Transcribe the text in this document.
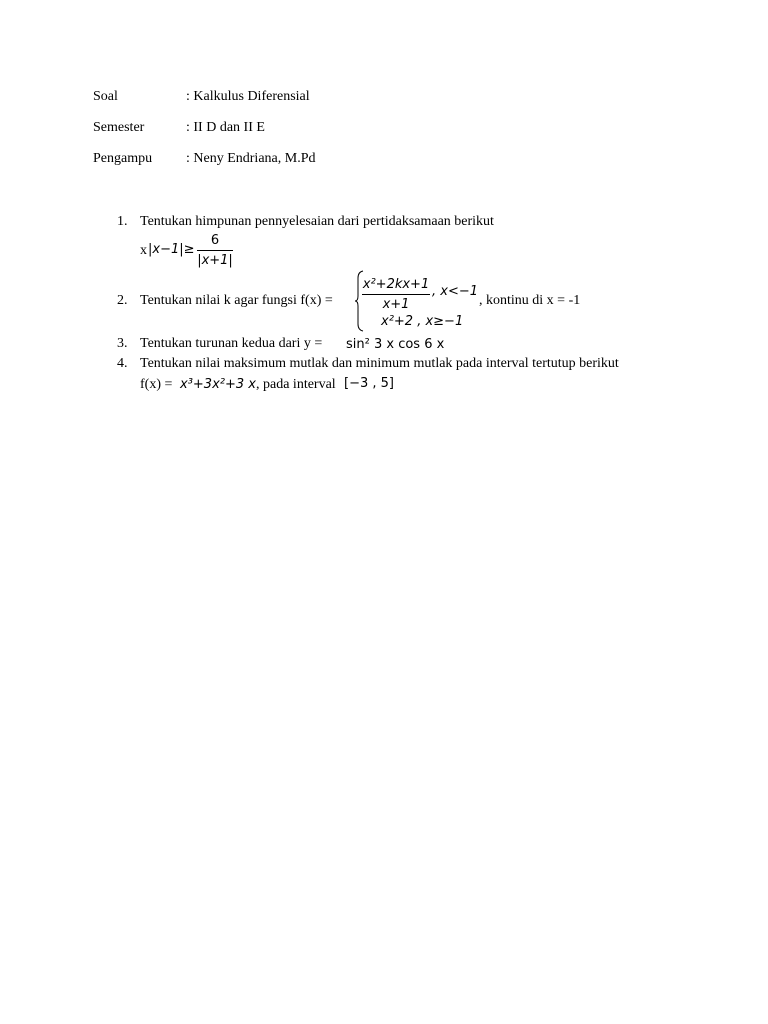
Soal	: Kalkulus Diferensial
Semester	: II D dan II E
Pengampu : Neny Endriana, M.Pd
1. Tentukan himpunan pennyelesaian dari pertidaksamaan berikut
x |x−1|≥
6
|x+1|
2. Tentukan nilai k agar fungsi f(x) =
x²+2kx+1
x+1
, x<−1
x²+2 , x≥−1
, kontinu di x = -1
3. Tentukan turunan kedua dari y = sin² 3 x cos 6 x
4. Tentukan nilai maksimum mutlak dan minimum mutlak pada interval tertutup berikut
f(x) = x³+3x²+3 x , pada interval [−3 , 5]
